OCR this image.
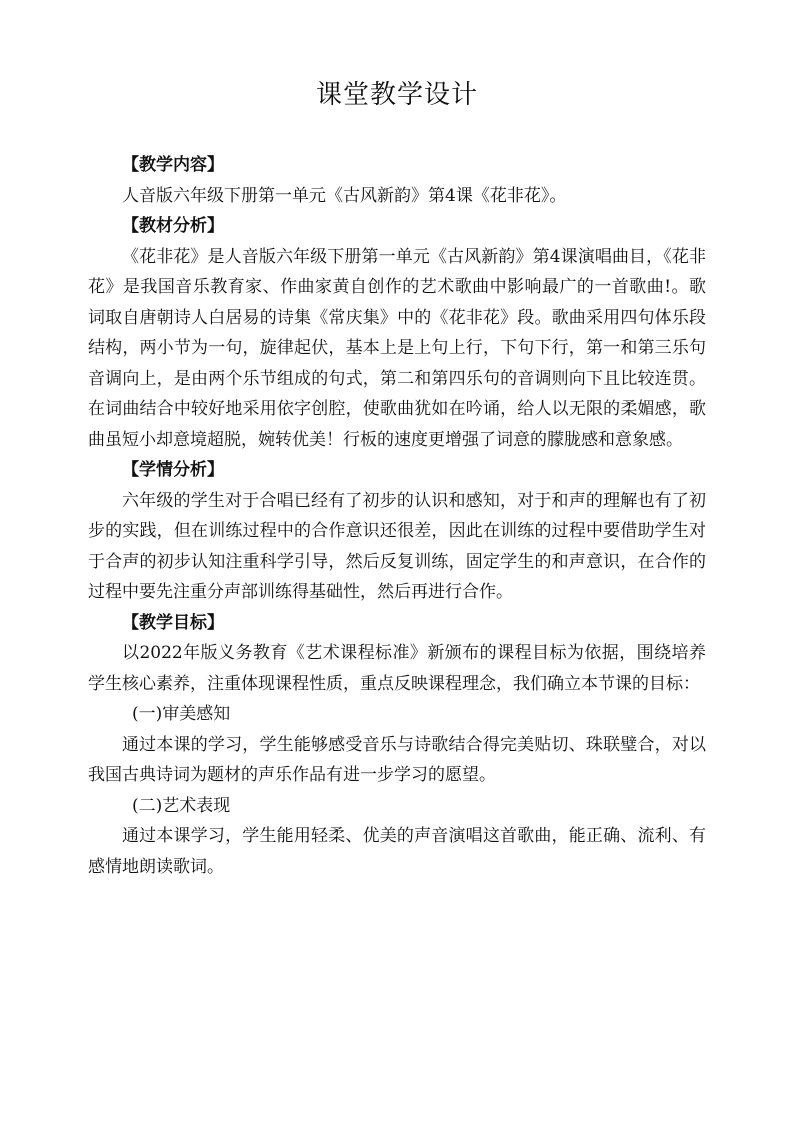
课堂教学设计

【教学内容】

人音版六年级下册第一单元《古风新韵》第4课《花非花》。

【教材分析】

《花非花》是人音版六年级下册第一单元《古风新韵》第4课演唱曲目，《花非花》是我国音乐教育家、作曲家黄自创作的艺术歌曲中影响最广的一首歌曲!。歌词取自唐朝诗人白居易的诗集《常庆集》中的《花非花》段。歌曲采用四句体乐段结构，两小节为一句，旋律起伏，基本上是上句上行，下句下行，第一和第三乐句音调向上，是由两个乐节组成的句式，第二和第四乐句的音调则向下且比较连贯。在词曲结合中较好地采用依字创腔，使歌曲犹如在吟诵，给人以无限的柔媚感，歌曲虽短小却意境超脱，婉转优美！行板的速度更增强了词意的朦胧感和意象感。

【学情分析】

六年级的学生对于合唱已经有了初步的认识和感知，对于和声的理解也有了初步的实践，但在训练过程中的合作意识还很差，因此在训练的过程中要借助学生对于合声的初步认知注重科学引导，然后反复训练，固定学生的和声意识，在合作的过程中要先注重分声部训练得基础性，然后再进行合作。

【教学目标】

以2022年版义务教育《艺术课程标准》新颁布的课程目标为依据，围绕培养学生核心素养，注重体现课程性质，重点反映课程理念，我们确立本节课的目标：

(一)审美感知

通过本课的学习，学生能够感受音乐与诗歌结合得完美贴切、珠联璧合，对以我国古典诗词为题材的声乐作品有进一步学习的愿望。

(二)艺术表现

通过本课学习，学生能用轻柔、优美的声音演唱这首歌曲，能正确、流利、有感情地朗读歌词。
